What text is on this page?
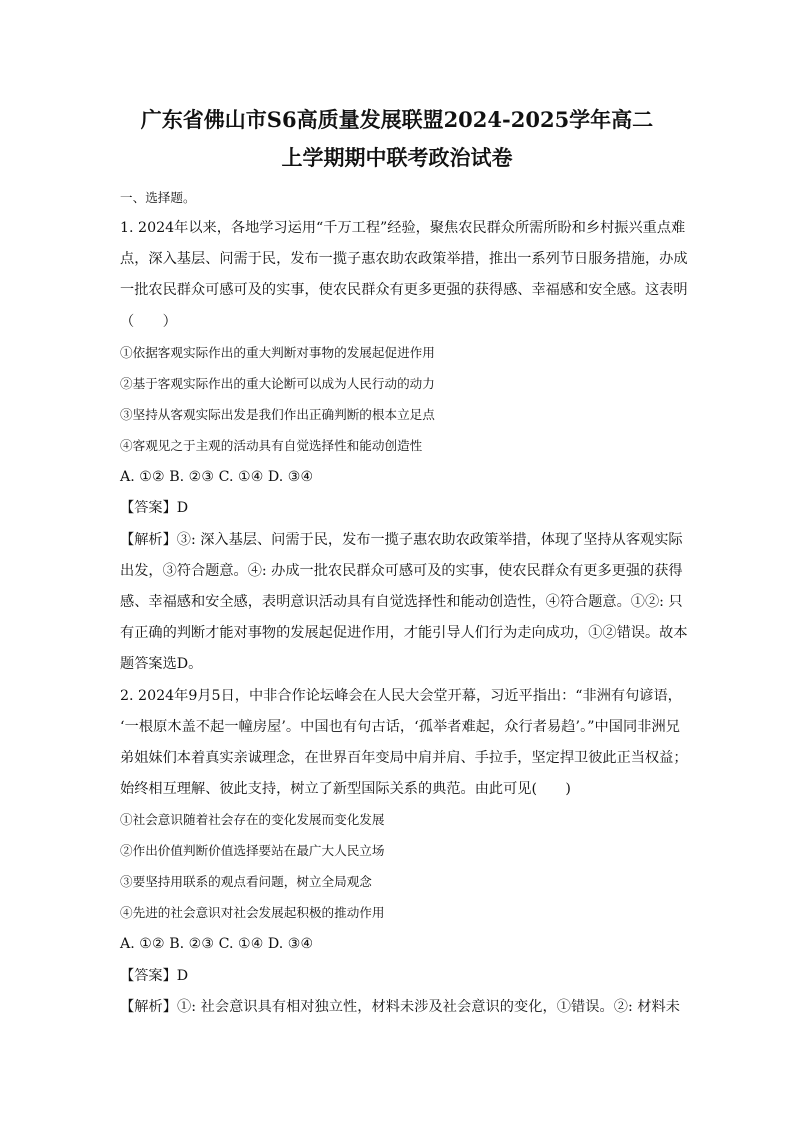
广东省佛山市S6高质量发展联盟2024-2025学年高二
上学期期中联考政治试卷
一、选择题。
1. 2024年以来，各地学习运用“千万工程”经验，聚焦农民群众所需所盼和乡村振兴重点难
点，深入基层、问需于民，发布一揽子惠农助农政策举措，推出一系列节日服务措施，办成
一批农民群众可感可及的实事，使农民群众有更多更强的获得感、幸福感和安全感。这表明
（　　）
①依据客观实际作出的重大判断对事物的发展起促进作用
②基于客观实际作出的重大论断可以成为人民行动的动力
③坚持从客观实际出发是我们作出正确判断的根本立足点
④客观见之于主观的活动具有自觉选择性和能动创造性
A. ①② B. ②③ C. ①④ D. ③④
【答案】D
【解析】③: 深入基层、问需于民，发布一揽子惠农助农政策举措，体现了坚持从客观实际
出发，③符合题意。④: 办成一批农民群众可感可及的实事，使农民群众有更多更强的获得
感、幸福感和安全感，表明意识活动具有自觉选择性和能动创造性，④符合题意。①②: 只
有正确的判断才能对事物的发展起促进作用，才能引导人们行为走向成功，①②错误。故本
题答案选D。
2. 2024年9月5日，中非合作论坛峰会在人民大会堂开幕，习近平指出：“非洲有句谚语，
‘一根原木盖不起一幢房屋’。中国也有句古话，‘孤举者难起，众行者易趋’。”中国同非洲兄
弟姐妹们本着真实亲诚理念，在世界百年变局中肩并肩、手拉手，坚定捍卫彼此正当权益；
始终相互理解、彼此支持，树立了新型国际关系的典范。由此可见(　　)
①社会意识随着社会存在的变化发展而变化发展
②作出价值判断价值选择要站在最广大人民立场
③要坚持用联系的观点看问题，树立全局观念
④先进的社会意识对社会发展起积极的推动作用
A. ①② B. ②③ C. ①④ D. ③④
【答案】D
【解析】①: 社会意识具有相对独立性，材料未涉及社会意识的变化，①错误。②: 材料未
